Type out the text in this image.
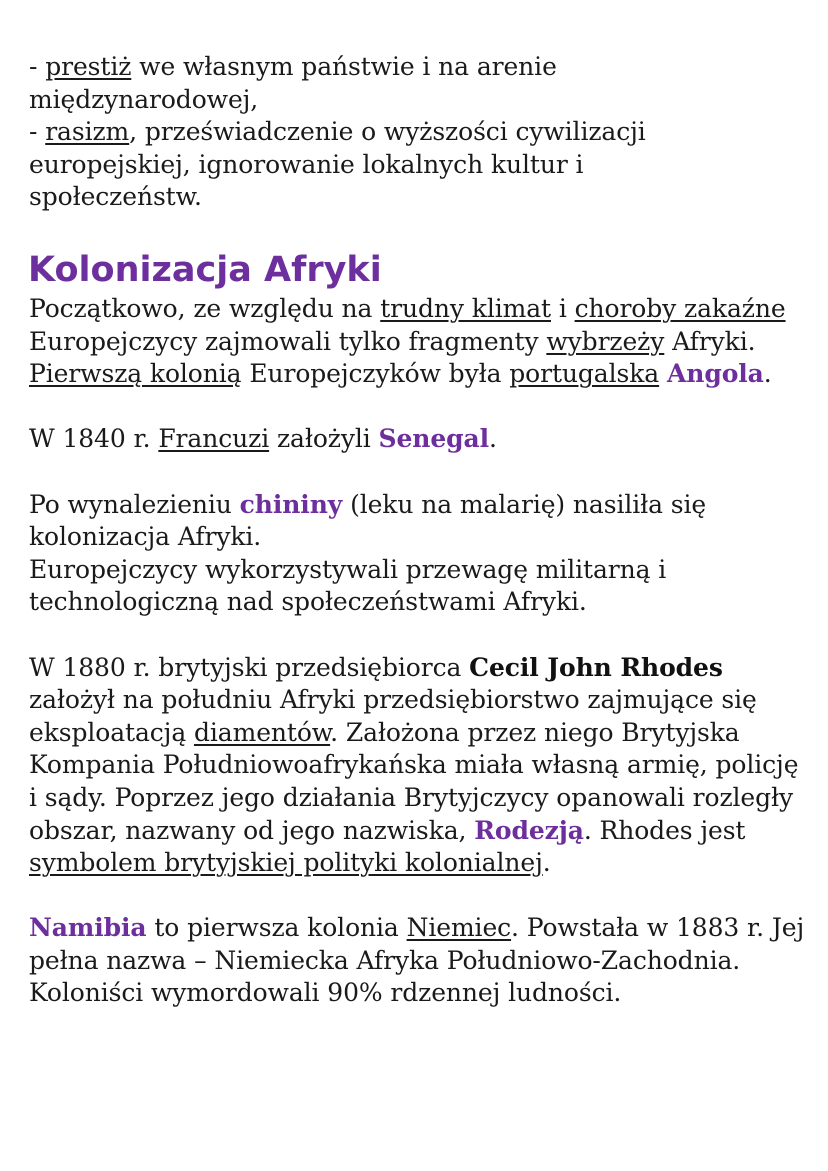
- prestiż we własnym państwie i na arenie

międzynarodowej,

- rasizm, przeświadczenie o wyższości cywilizacji

europejskiej, ignorowanie lokalnych kultur i

społeczeństw.

Kolonizacja Afryki

Początkowo, ze względu na trudny klimat i choroby zakaźne Europejczycy zajmowali tylko fragmenty wybrzeży Afryki.

Pierwszą kolonią Europejczyków była portugalska Angola.

W 1840 r. Francuzi założyli Senegal.

Po wynalezieniu chininy (leku na malarię) nasiliła się kolonizacja Afryki.

Europejczycy wykorzystywali przewagę militarną i technologiczną nad społeczeństwami Afryki.

W 1880 r. brytyjski przedsiębiorca Cecil John Rhodes założył na południu Afryki przedsiębiorstwo zajmujące się eksploatacją diamentów. Założona przez niego Brytyjska Kompania Południowoafrykańska miała własną armię, policję i sądy. Poprzez jego działania Brytyjczycy opanowali rozległy obszar, nazwany od jego nazwiska, Rodezją. Rhodes jest symbolem brytyjskiej polityki kolonialnej.

Namibia to pierwsza kolonia Niemiec. Powstała w 1883 r. Jej pełna nazwa – Niemiecka Afryka Południowo-Zachodnia. Koloniści wymordowali 90% rdzennej ludności.
